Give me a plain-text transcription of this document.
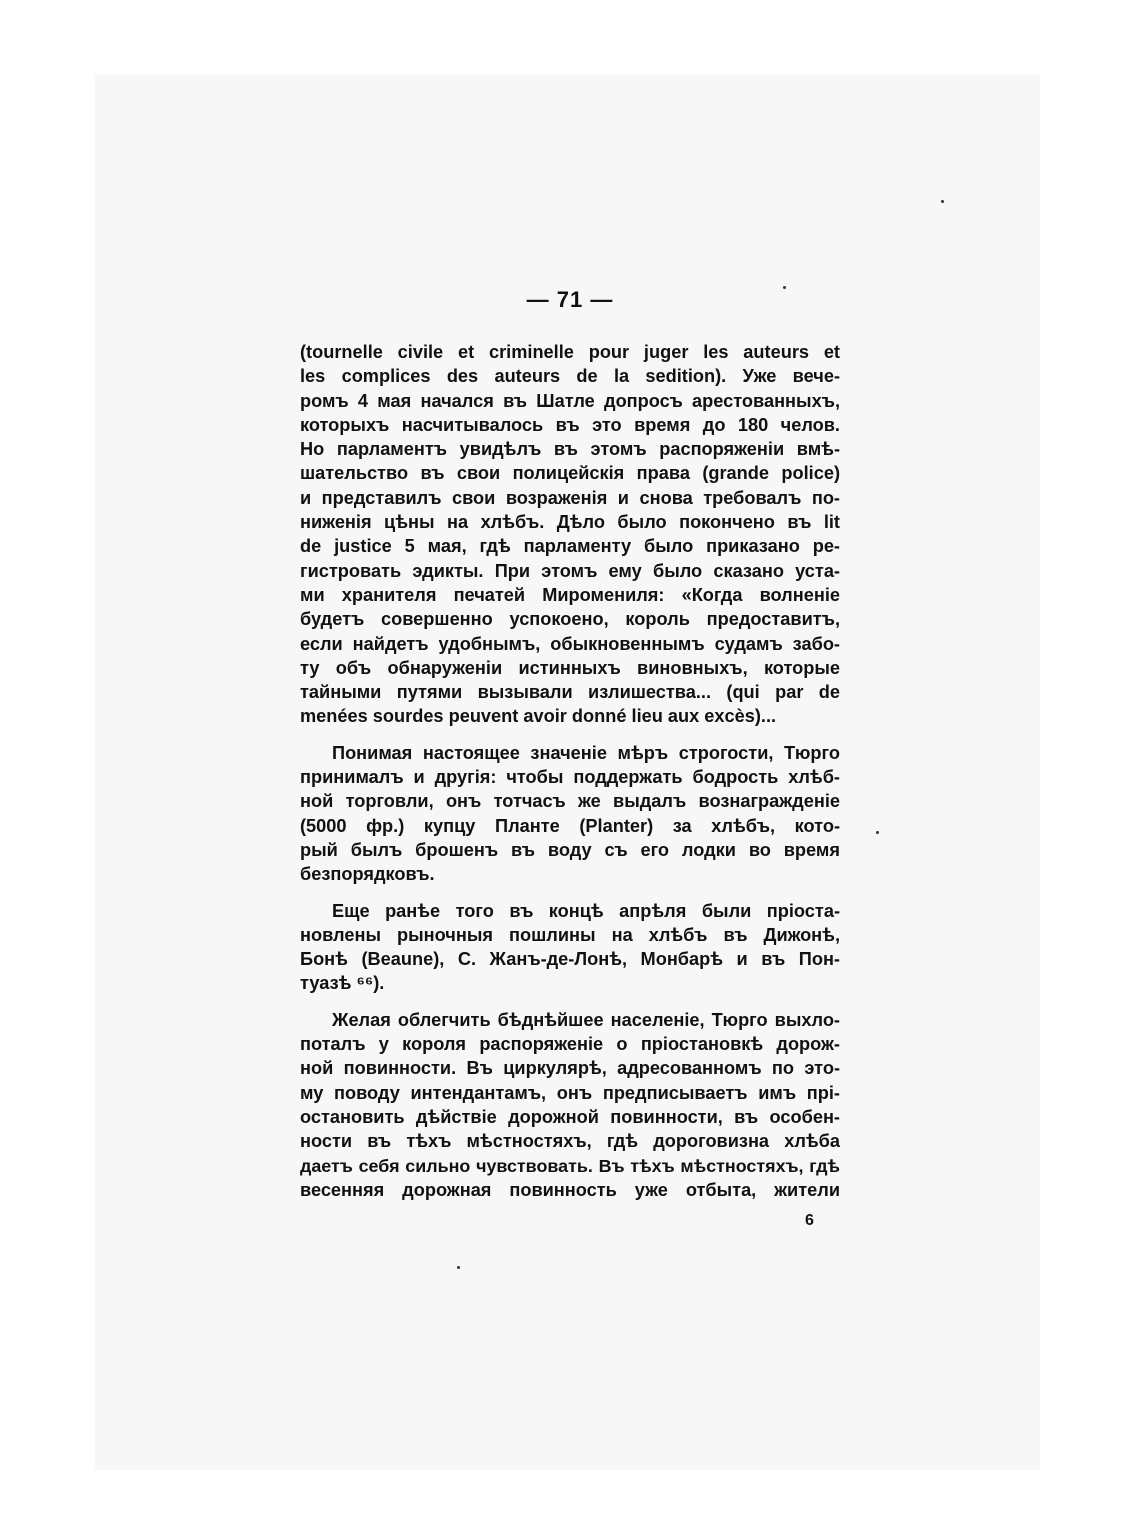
— 71 —
(tournelle civile et criminelle pour juger les auteurs et
les complices des auteurs de la sedition). Уже вече-
ромъ 4 мая начался въ Шатле допросъ арестованныхъ,
которыхъ насчитывалось въ это время до 180 челов.
Но парламентъ увидѣлъ въ этомъ распоряженіи вмѣ-
шательство въ свои полицейскія права (grande police)
и представилъ свои возраженія и снова требовалъ по-
ниженія цѣны на хлѣбъ. Дѣло было покончено въ lit
de justice 5 мая, гдѣ парламенту было приказано ре-
гистровать эдикты. При этомъ ему было сказано уста-
ми хранителя печатей Миромениля: «Когда волненіе
будетъ совершенно успокоено, король предоставитъ,
если найдетъ удобнымъ, обыкновеннымъ судамъ забо-
ту объ обнаруженіи истинныхъ виновныхъ, которые
тайными путями вызывали излишества... (qui par de
menées sourdes peuvent avoir donné lieu aux excès)...
Понимая настоящее значеніе мѣръ строгости, Тюрго
принималъ и другія: чтобы поддержать бодрость хлѣб-
ной торговли, онъ тотчасъ же выдалъ вознагражденіе
(5000 фр.) купцу Планте (Planter) за хлѣбъ, кото-
рый былъ брошенъ въ воду съ его лодки во время
безпорядковъ.
Еще ранѣе того въ концѣ апрѣля были пріоста-
новлены рыночныя пошлины на хлѣбъ въ Дижонѣ,
Бонѣ (Beaune), С. Жанъ-де-Лонѣ, Монбарѣ и въ Пон-
туазѣ ⁶⁶).
Желая облегчить бѣднѣйшее населеніе, Тюрго выхло-
поталъ у короля распоряженіе о пріостановкѣ дорож-
ной повинности. Въ циркулярѣ, адресованномъ по это-
му поводу интендантамъ, онъ предписываетъ имъ прі-
остановить дѣйствіе дорожной повинности, въ особен-
ности въ тѣхъ мѣстностяхъ, гдѣ дороговизна хлѣба
даетъ себя сильно чувствовать. Въ тѣхъ мѣстностяхъ, гдѣ
весенняя дорожная повинность уже отбыта, жители
6
